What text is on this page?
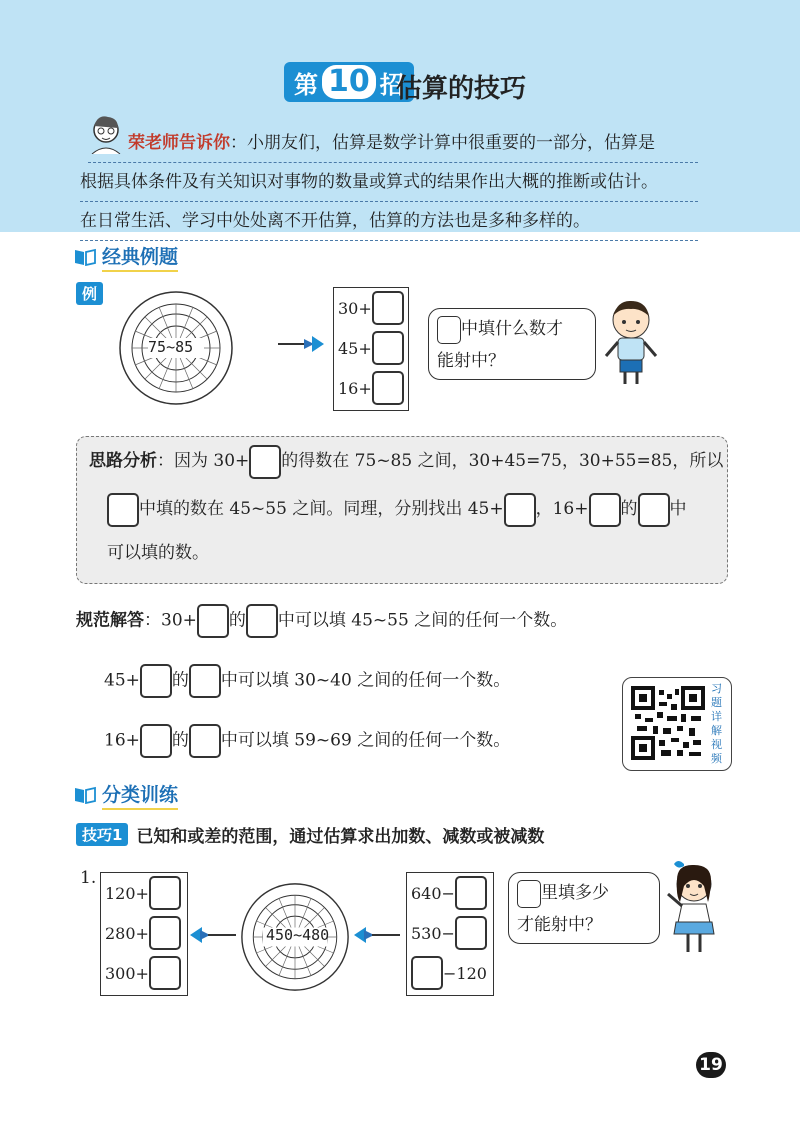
第 10 招
估算的技巧
荣老师告诉你：小朋友们，估算是数学计算中很重要的一部分，估算是
根据具体条件及有关知识对事物的数量或算式的结果作出大概的推断或估计。
在日常生活、学习中处处离不开估算，估算的方法也是多种多样的。
经典例题
例
75~85
30+
45+
16+
中填什么数才
能射中？

思路分析：因为 30+ 的得数在 75~85 之间，30+45=75，30+55=85，所以

中填的数在 45~55 之间。同理，分别找出 45+ ，16+ 的 中

可以填的数。

规范解答：30+ 的 中可以填 45~55 之间的任何一个数。
45+ 的 中可以填 30~40 之间的任何一个数。
16+ 的 中可以填 59~69 之间的任何一个数。
习题详解视频
分类训练
技巧1 已知和或差的范围，通过估算求出加数、减数或被减数
1.
120+
280+
300+
450~480
640−
530−
−120
里填多少
才能射中？
19
